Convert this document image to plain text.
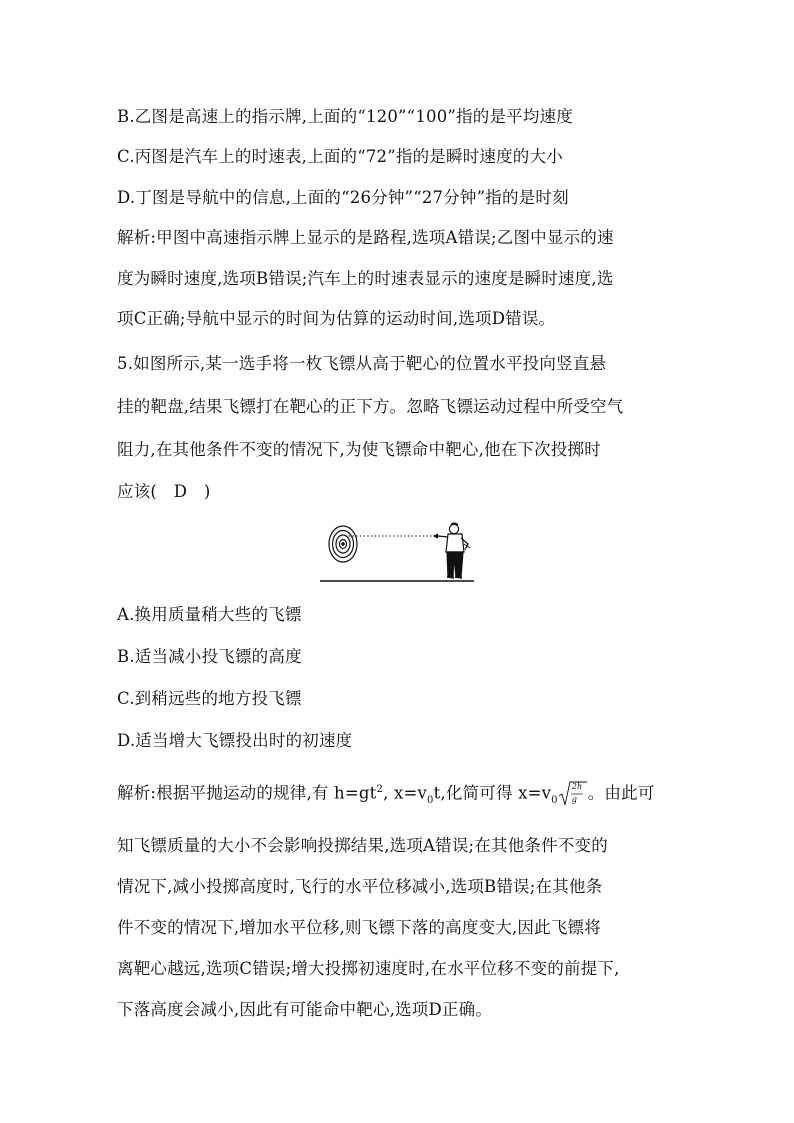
B.乙图是高速上的指示牌,上面的“120”“100”指的是平均速度
C.丙图是汽车上的时速表,上面的“72”指的是瞬时速度的大小
D.丁图是导航中的信息,上面的“26分钟”“27分钟”指的是时刻
解析:甲图中高速指示牌上显示的是路程,选项A错误;乙图中显示的速
度为瞬时速度,选项B错误;汽车上的时速表显示的速度是瞬时速度,选
项C正确;导航中显示的时间为估算的运动时间,选项D错误。
5.如图所示,某一选手将一枚飞镖从高于靶心的位置水平投向竖直悬
挂的靶盘,结果飞镖打在靶心的正下方。忽略飞镖运动过程中所受空气
阻力,在其他条件不变的情况下,为使飞镖命中靶心,他在下次投掷时
应该(　D　)
A.换用质量稍大些的飞镖
B.适当减小投飞镖的高度
C.到稍远些的地方投飞镖
D.适当增大飞镖投出时的初速度
解析:根据平抛运动的规律,有 $h=gt^2$, $x=v_0t$,化简可得 $x=v_0$
2h
g 。由此可
知飞镖质量的大小不会影响投掷结果,选项A错误;在其他条件不变的
情况下,减小投掷高度时,飞行的水平位移减小,选项B错误;在其他条
件不变的情况下,增加水平位移,则飞镖下落的高度变大,因此飞镖将
离靶心越远,选项C错误;增大投掷初速度时,在水平位移不变的前提下,
下落高度会减小,因此有可能命中靶心,选项D正确。
